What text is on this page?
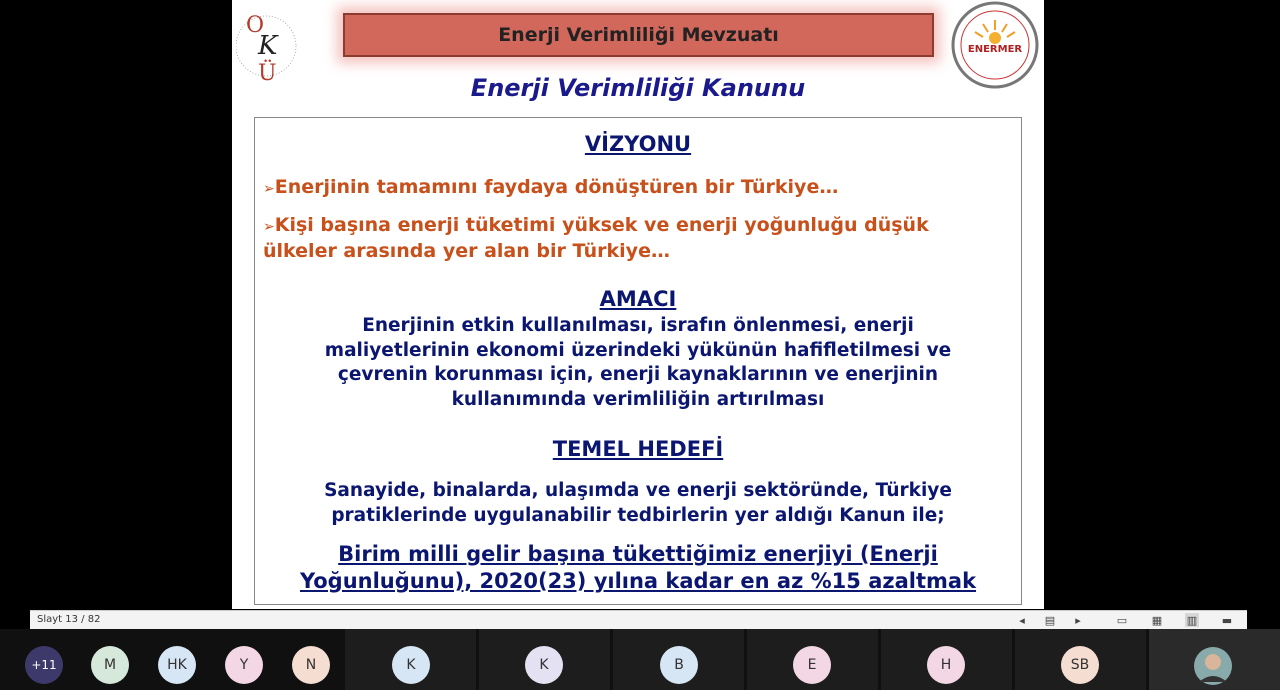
O
K
Ü
ENERMER
Enerji Verimliliği Mevzuatı
Enerji Verimliliği Kanunu
VİZYONU
➢Enerjinin tamamını faydaya dönüştüren bir Türkiye…
➢Kişi başına enerji tüketimi yüksek ve enerji yoğunluğu düşük
ülkeler arasında yer alan bir Türkiye…
AMACI
Enerjinin etkin kullanılması, israfın önlenmesi, enerji
maliyetlerinin ekonomi üzerindeki yükünün hafifletilmesi ve
çevrenin korunması için, enerji kaynaklarının ve enerjinin
kullanımında verimliliğin artırılması
TEMEL HEDEFİ
Sanayide, binalarda, ulaşımda ve enerji sektöründe, Türkiye
pratiklerinde uygulanabilir tedbirlerin yer aldığı Kanun ile;
Birim milli gelir başına tükettiğimiz enerjiyi (Enerji
Yoğunluğunu), 2020(23) yılına kadar en az %15 azaltmak
Slayt 13 / 82	◂	▤	▸	▭ ▦ ▥ ▬
+11	M	HK	Y	N	K	K	B	E	H	SB
